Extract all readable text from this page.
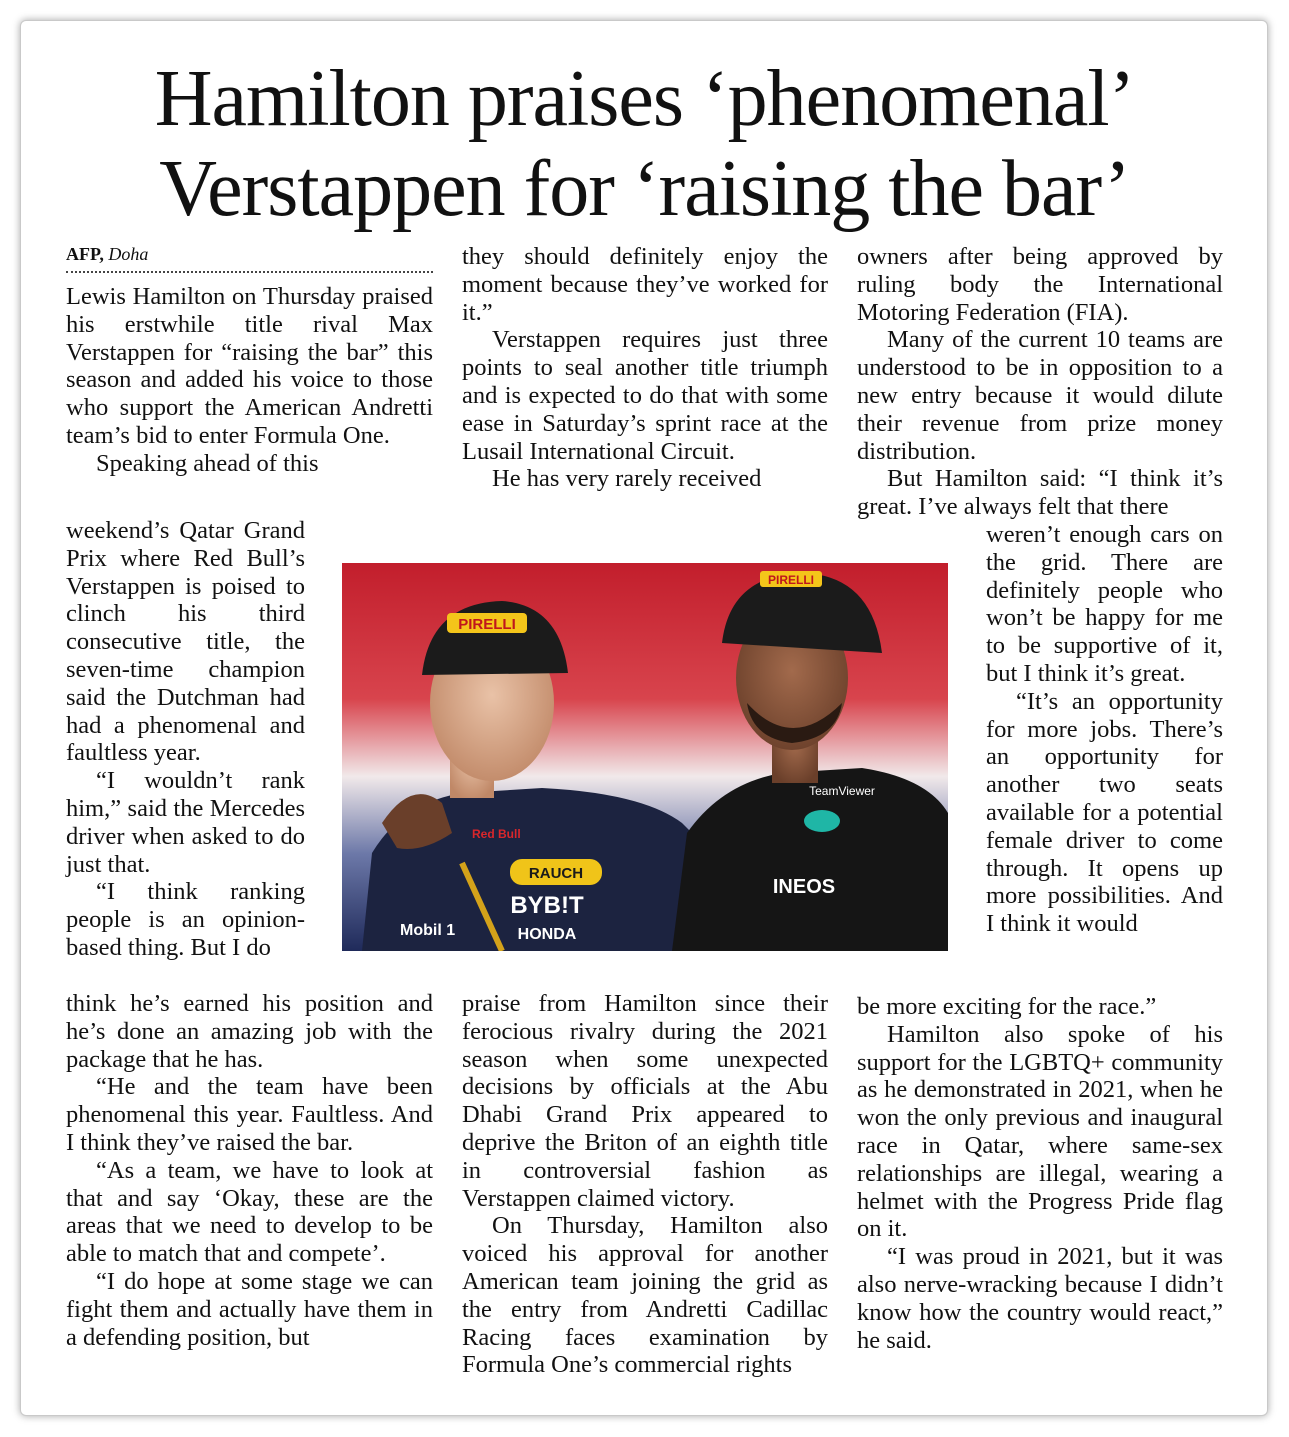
Hamilton praises ‘phenomenal’
Verstappen for ‘raising the bar’
AFP, Doha

Lewis Hamilton on Thursday praised his erstwhile title rival Max Verstappen for “raising the bar” this season and added his voice to those who support the American Andretti team’s bid to enter Formula One.

Speaking ahead of this

weekend’s Qatar Grand Prix where Red Bull’s Verstappen is poised to clinch his third consecutive title, the seven-time champion said the Dutchman had had a phenomenal and faultless year.

“I wouldn’t rank him,” said the Mercedes driver when asked to do just that.

“I think ranking people is an opinion-based thing. But I do

think he’s earned his position and he’s done an amazing job with the package that he has.

“He and the team have been phenomenal this year. Faultless. And I think they’ve raised the bar.

“As a team, we have to look at that and say ‘Okay, these are the areas that we need to develop to be able to match that and compete’.

“I do hope at some stage we can fight them and actually have them in a defending position, but

they should definitely enjoy the moment because they’ve worked for it.”

Verstappen requires just three points to seal another title triumph and is expected to do that with some ease in Saturday’s sprint race at the Lusail International Circuit.

He has very rarely received

praise from Hamilton since their ferocious rivalry during the 2021 season when some unexpected decisions by officials at the Abu Dhabi Grand Prix appeared to deprive the Briton of an eighth title in controversial fashion as Verstappen claimed victory.

On Thursday, Hamilton also voiced his approval for another American team joining the grid as the entry from Andretti Cadillac Racing faces examination by Formula One’s commercial rights

owners after being approved by ruling body the International Motoring Federation (FIA).

Many of the current 10 teams are understood to be in opposition to a new entry because it would dilute their revenue from prize money distribution.

But Hamilton said: “I think it’s great. I’ve always felt that there

weren’t enough cars on the grid. There are definitely people who won’t be happy for me to be supportive of it, but I think it’s great.

“It’s an opportunity for more jobs. There’s an opportunity for another two seats available for a potential female driver to come through. It opens up more possibilities. And I think it would

be more exciting for the race.”

Hamilton also spoke of his support for the LGBTQ+ community as he demonstrated in 2021, when he won the only previous and inaugural race in Qatar, where same-sex relationships are illegal, wearing a helmet with the Progress Pride flag on it.

“I was proud in 2021, but it was also nerve-wracking because I didn’t know how the country would react,” he said.

RAUCH
BYB!T
HONDA
Mobil 1
Red Bull
PIRELLI
INEOS
TeamViewer
PIRELLI
